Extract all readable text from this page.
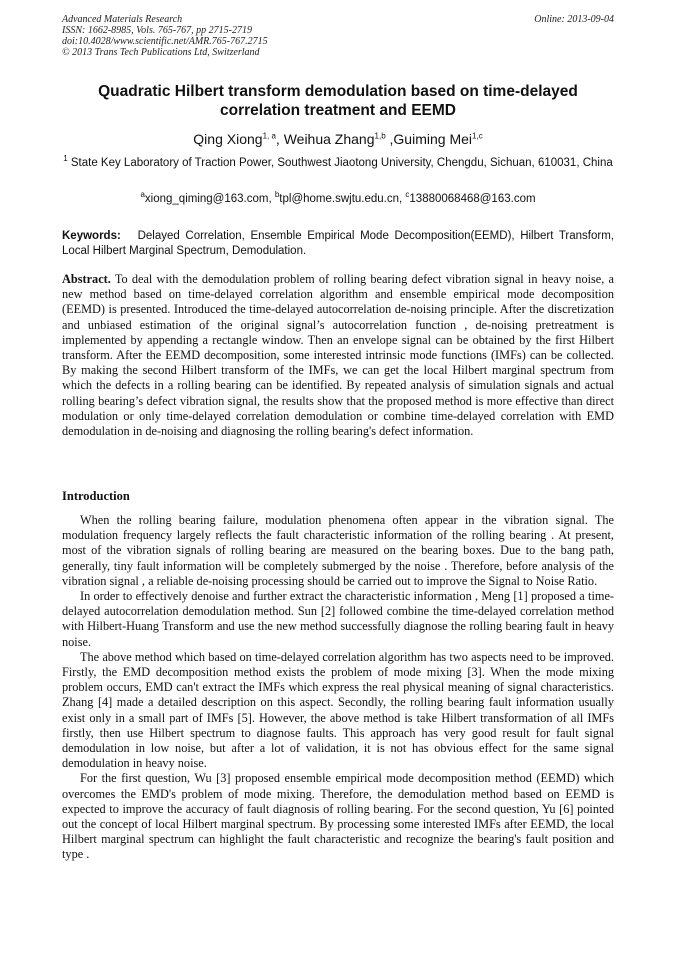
Advanced Materials Research
ISSN: 1662-8985, Vols. 765-767, pp 2715-2719
doi:10.4028/www.scientific.net/AMR.765-767.2715
© 2013 Trans Tech Publications Ltd, Switzerland
Online: 2013-09-04
Quadratic Hilbert transform demodulation based on time-delayed correlation treatment and EEMD
Qing Xiong$^{1, a}$, Weihua Zhang$^{1,b}$ ,Guiming Mei$^{1,c}$
$^1$ State Key Laboratory of Traction Power, Southwest Jiaotong University, Chengdu, Sichuan, 610031, China
$^a$xiong_qiming@163.com, $^b$tpl@home.swjtu.edu.cn, $^c$13880068468@163.com
Keywords: Delayed Correlation, Ensemble Empirical Mode Decomposition(EEMD), Hilbert Transform, Local Hilbert Marginal Spectrum, Demodulation.
Abstract. To deal with the demodulation problem of rolling bearing defect vibration signal in heavy noise, a new method based on time-delayed correlation algorithm and ensemble empirical mode decomposition (EEMD) is presented. Introduced the time-delayed autocorrelation de-noising principle. After the discretization and unbiased estimation of the original signal’s autocorrelation function , de-noising pretreatment is implemented by appending a rectangle window. Then an envelope signal can be obtained by the first Hilbert transform. After the EEMD decomposition, some interested intrinsic mode functions (IMFs) can be collected. By making the second Hilbert transform of the IMFs, we can get the local Hilbert marginal spectrum from which the defects in a rolling bearing can be identified. By repeated analysis of simulation signals and actual rolling bearing’s defect vibration signal, the results show that the proposed method is more effective than direct modulation or only time-delayed correlation demodulation or combine time-delayed correlation with EMD demodulation in de-noising and diagnosing the rolling bearing's defect information.
Introduction

When the rolling bearing failure, modulation phenomena often appear in the vibration signal. The modulation frequency largely reflects the fault characteristic information of the rolling bearing . At present, most of the vibration signals of rolling bearing are measured on the bearing boxes. Due to the bang path, generally, tiny fault information will be completely submerged by the noise . Therefore, before analysis of the vibration signal , a reliable de-noising processing should be carried out to improve the Signal to Noise Ratio.

In order to effectively denoise and further extract the characteristic information , Meng [1] proposed a time-delayed autocorrelation demodulation method. Sun [2] followed combine the time-delayed correlation method with Hilbert-Huang Transform and use the new method successfully diagnose the rolling bearing fault in heavy noise.

The above method which based on time-delayed correlation algorithm has two aspects need to be improved. Firstly, the EMD decomposition method exists the problem of mode mixing [3]. When the mode mixing problem occurs, EMD can't extract the IMFs which express the real physical meaning of signal characteristics. Zhang [4] made a detailed description on this aspect. Secondly, the rolling bearing fault information usually exist only in a small part of IMFs [5]. However, the above method is take Hilbert transformation of all IMFs firstly, then use Hilbert spectrum to diagnose faults. This approach has very good result for fault signal demodulation in low noise, but after a lot of validation, it is not has obvious effect for the same signal demodulation in heavy noise.

For the first question, Wu [3] proposed ensemble empirical mode decomposition method (EEMD) which overcomes the EMD's problem of mode mixing. Therefore, the demodulation method based on EEMD is expected to improve the accuracy of fault diagnosis of rolling bearing. For the second question, Yu [6] pointed out the concept of local Hilbert marginal spectrum. By processing some interested IMFs after EEMD, the local Hilbert marginal spectrum can highlight the fault characteristic and recognize the bearing's fault position and type .
